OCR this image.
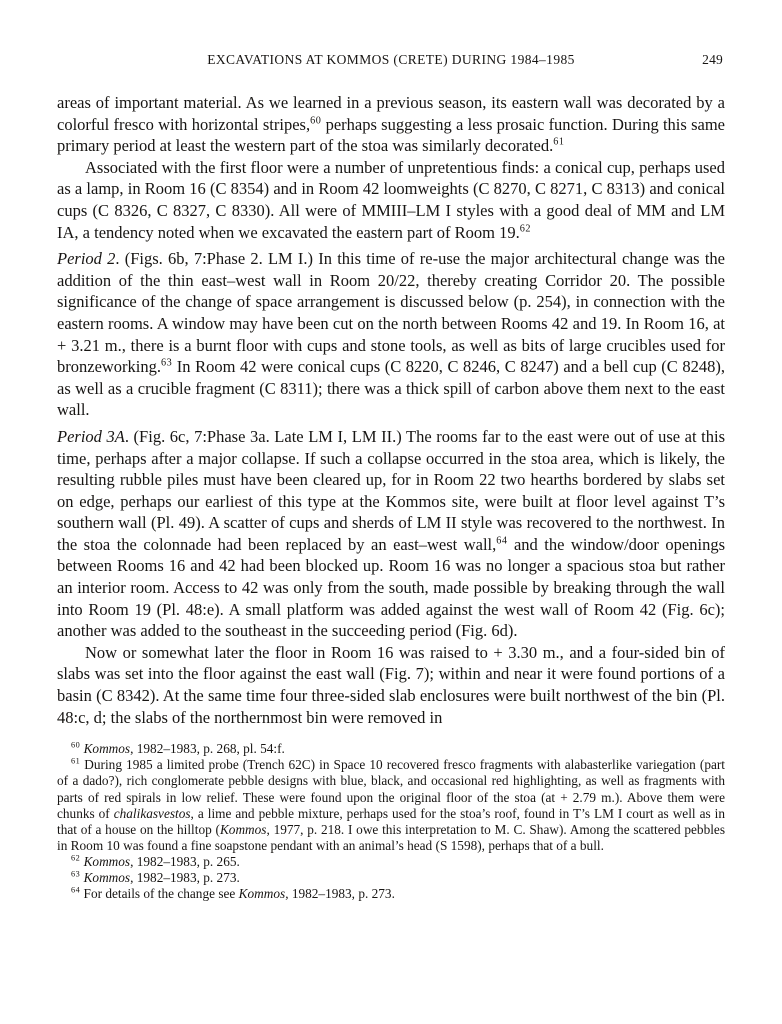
EXCAVATIONS AT KOMMOS (CRETE) DURING 1984–1985	249

areas of important material. As we learned in a previous season, its eastern wall was decorated by a colorful fresco with horizontal stripes,$^{60}$ perhaps suggesting a less prosaic function. During this same primary period at least the western part of the stoa was similarly decorated.$^{61}$

Associated with the first floor were a number of unpretentious finds: a conical cup, perhaps used as a lamp, in Room 16 (C 8354) and in Room 42 loomweights (C 8270, C 8271, C 8313) and conical cups (C 8326, C 8327, C 8330). All were of MMIII–LM I styles with a good deal of MM and LM IA, a tendency noted when we excavated the eastern part of Room 19.62

Period 2. (Figs. 6b, 7:Phase 2. LM I.) In this time of re-use the major architectural change was the addition of the thin east–west wall in Room 20/22, thereby creating Corridor 20. The possible significance of the change of space arrangement is discussed below (p. 254), in connection with the eastern rooms. A window may have been cut on the north between Rooms 42 and 19. In Room 16, at + 3.21 m., there is a burnt floor with cups and stone tools, as well as bits of large crucibles used for bronzeworking.$^{63}$ In Room 42 were conical cups (C 8220, C 8246, C 8247) and a bell cup (C 8248), as well as a crucible fragment (C 8311); there was a thick spill of carbon above them next to the east wall.

Period 3A. (Fig. 6c, 7:Phase 3a. Late LM I, LM II.) The rooms far to the east were out of use at this time, perhaps after a major collapse. If such a collapse occurred in the stoa area, which is likely, the resulting rubble piles must have been cleared up, for in Room 22 two hearths bordered by slabs set on edge, perhaps our earliest of this type at the Kommos site, were built at floor level against T’s southern wall (Pl. 49). A scatter of cups and sherds of LM II style was recovered to the northwest. In the stoa the colonnade had been replaced by an east–west wall,$^{64}$ and the window/door openings between Rooms 16 and 42 had been blocked up. Room 16 was no longer a spacious stoa but rather an interior room. Access to 42 was only from the south, made possible by breaking through the wall into Room 19 (Pl. 48:e). A small platform was added against the west wall of Room 42 (Fig. 6c); another was added to the southeast in the succeeding period (Fig. 6d).

Now or somewhat later the floor in Room 16 was raised to + 3.30 m., and a four-sided bin of slabs was set into the floor against the east wall (Fig. 7); within and near it were found portions of a basin (C 8342). At the same time four three-sided slab enclosures were built northwest of the bin (Pl. 48:c, d; the slabs of the northernmost bin were removed in

$^{60}$ Kommos, 1982–1983, p. 268, pl. 54:f.

$^{61}$ During 1985 a limited probe (Trench 62C) in Space 10 recovered fresco fragments with alabasterlike variegation (part of a dado?), rich conglomerate pebble designs with blue, black, and occasional red highlighting, as well as fragments with parts of red spirals in low relief. These were found upon the original floor of the stoa (at + 2.79 m.). Above them were chunks of chalikasvestos, a lime and pebble mixture, perhaps used for the stoa’s roof, found in T’s LM I court as well as in that of a house on the hilltop (Kommos, 1977, p. 218. I owe this interpretation to M. C. Shaw). Among the scattered pebbles in Room 10 was found a fine soapstone pendant with an animal’s head (S 1598), perhaps that of a bull.

$^{62}$ Kommos, 1982–1983, p. 265.

$^{63}$ Kommos, 1982–1983, p. 273.

$^{64}$ For details of the change see Kommos, 1982–1983, p. 273.
